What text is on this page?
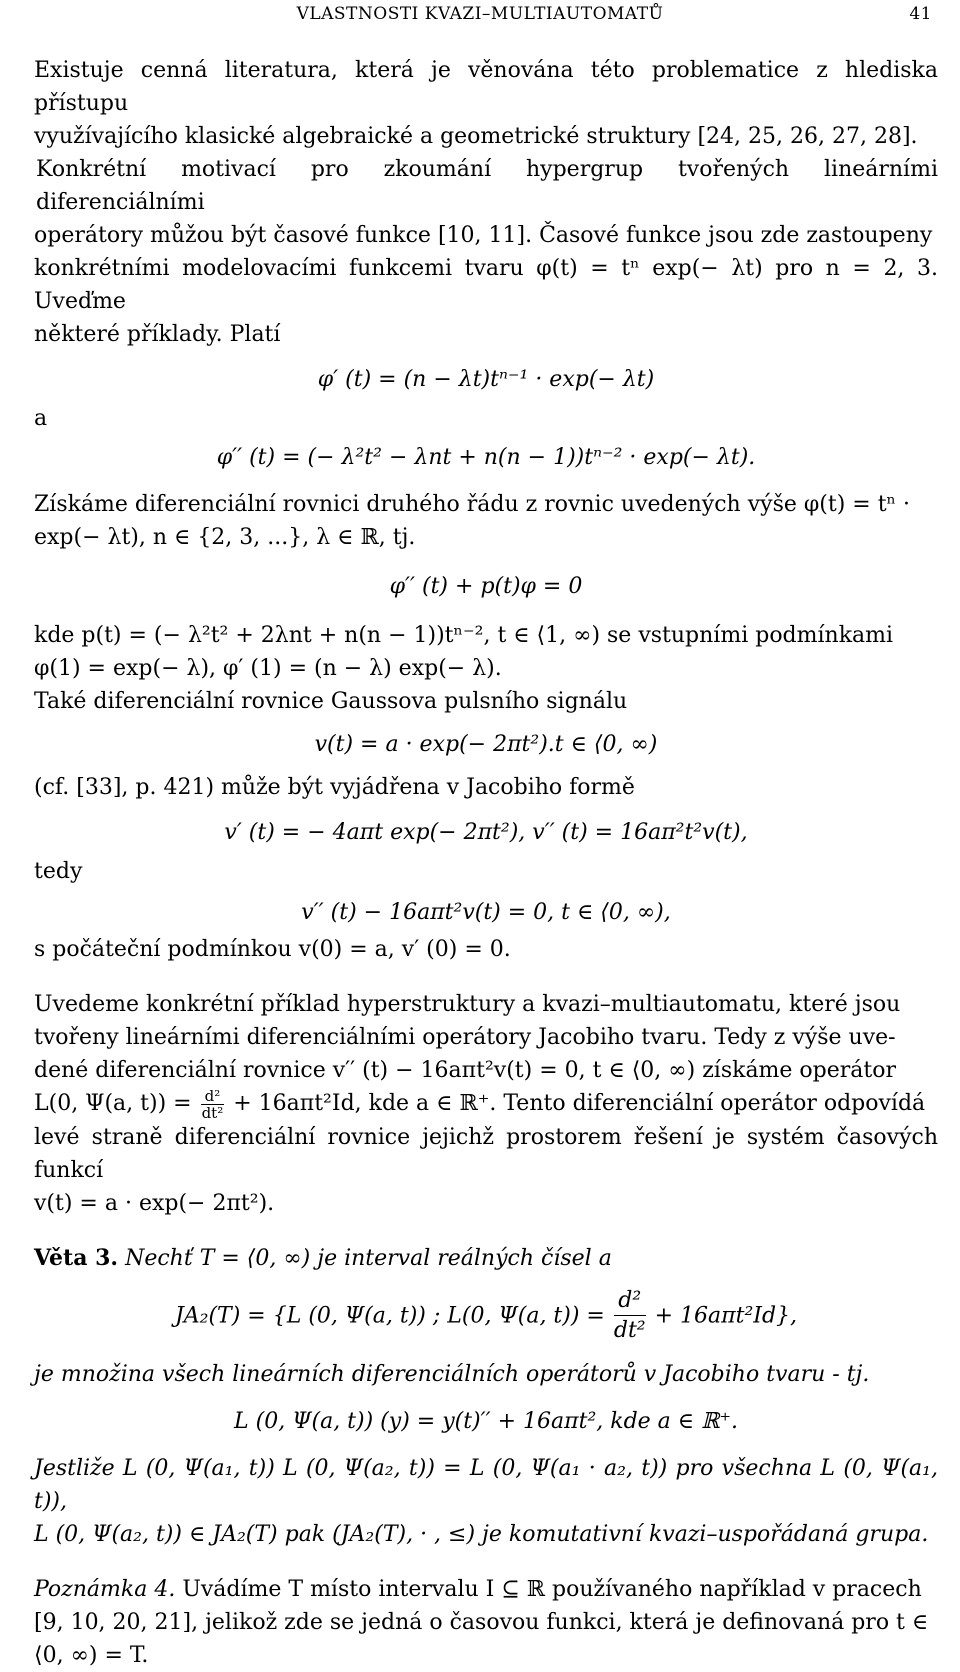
VLASTNOSTI KVAZI–MULTIAUTOMATŮ	41

Existuje cenná literatura, která je věnována této problematice z hlediska přístupu

využívajícího klasické algebraické a geometrické struktury [24, 25, 26, 27, 28].

Konkrétní motivací pro zkoumání hypergrup tvořených lineárními diferenciálními

operátory můžou být časové funkce [10, 11]. Časové funkce jsou zde zastoupeny

konkrétními modelovacími funkcemi tvaru φ(t) = tⁿ exp(− λt) pro n = 2, 3. Uveďme

některé příklady. Platí

φ′ (t) = (n − λt)tⁿ⁻¹ · exp(− λt)

a

φ′′ (t) = (− λ²t² − λnt + n(n − 1))tⁿ⁻² · exp(− λt).

Získáme diferenciální rovnici druhého řádu z rovnic uvedených výše φ(t) = tⁿ ·

exp(− λt), n ∈ {2, 3, ...}, λ ∈ ℝ, tj.

φ′′ (t) + p(t)φ = 0

kde p(t) = (− λ²t² + 2λnt + n(n − 1))tⁿ⁻², t ∈ ⟨1, ∞) se vstupními podmínkami

φ(1) = exp(− λ), φ′ (1) = (n − λ) exp(− λ).

Také diferenciální rovnice Gaussova pulsního signálu

v(t) = a · exp(− 2πt²).t ∈ ⟨0, ∞)

(cf. [33], p. 421) může být vyjádřena v Jacobiho formě

v′ (t) = − 4aπt exp(− 2πt²), v′′ (t) = 16aπ²t²v(t),

tedy

v′′ (t) − 16aπt²v(t) = 0, t ∈ ⟨0, ∞),

s počáteční podmínkou v(0) = a, v′ (0) = 0.

Uvedeme konkrétní příklad hyperstruktury a kvazi–multiautomatu, které jsou

tvořeny lineárními diferenciálními operátory Jacobiho tvaru. Tedy z výše uve-

dené diferenciální rovnice v′′ (t) − 16aπt²v(t) = 0, t ∈ ⟨0, ∞) získáme operátor

L(0, Ψ(a, $t)) = \frac{\text{d²}}{\text{dt²}} + 16a\pi t^2Id$, kde a ∈ ℝ⁺. Tento diferenciální operátor odpovídá

levé straně diferenciální rovnice jejichž prostorem řešení je systém časových funkcí

v(t) = a · exp(− 2πt²).

Věta 3. Nechť T = ⟨0, ∞) je interval reálných čísel a

JA₂(T) = {L (0, Ψ(a, t)) ; L(0, Ψ(a, $t)) = \frac{\text{d²}}{\text{dt²}} + 16a\pi t^2Id$},

je množina všech lineárních diferenciálních operátorů v Jacobiho tvaru - tj.

L (0, Ψ(a, t)) (y) = y(t)′′ + 16aπt², kde a ∈ ℝ⁺.

Jestliže L (0, Ψ(a₁, t)) L (0, Ψ(a₂, t)) = L (0, Ψ(a₁ · a₂, t)) pro všechna L (0, Ψ(a₁, t)),

L (0, Ψ(a₂, t)) ∈ JA₂(T) pak (JA₂(T), · , ≤) je komutativní kvazi–uspořádaná grupa.

Poznámka 4. Uvádíme T místo intervalu I ⊆ ℝ používaného například v pracech

[9, 10, 20, 21], jelikož zde se jedná o časovou funkci, která je definovaná pro t ∈

⟨0, ∞) = T.
